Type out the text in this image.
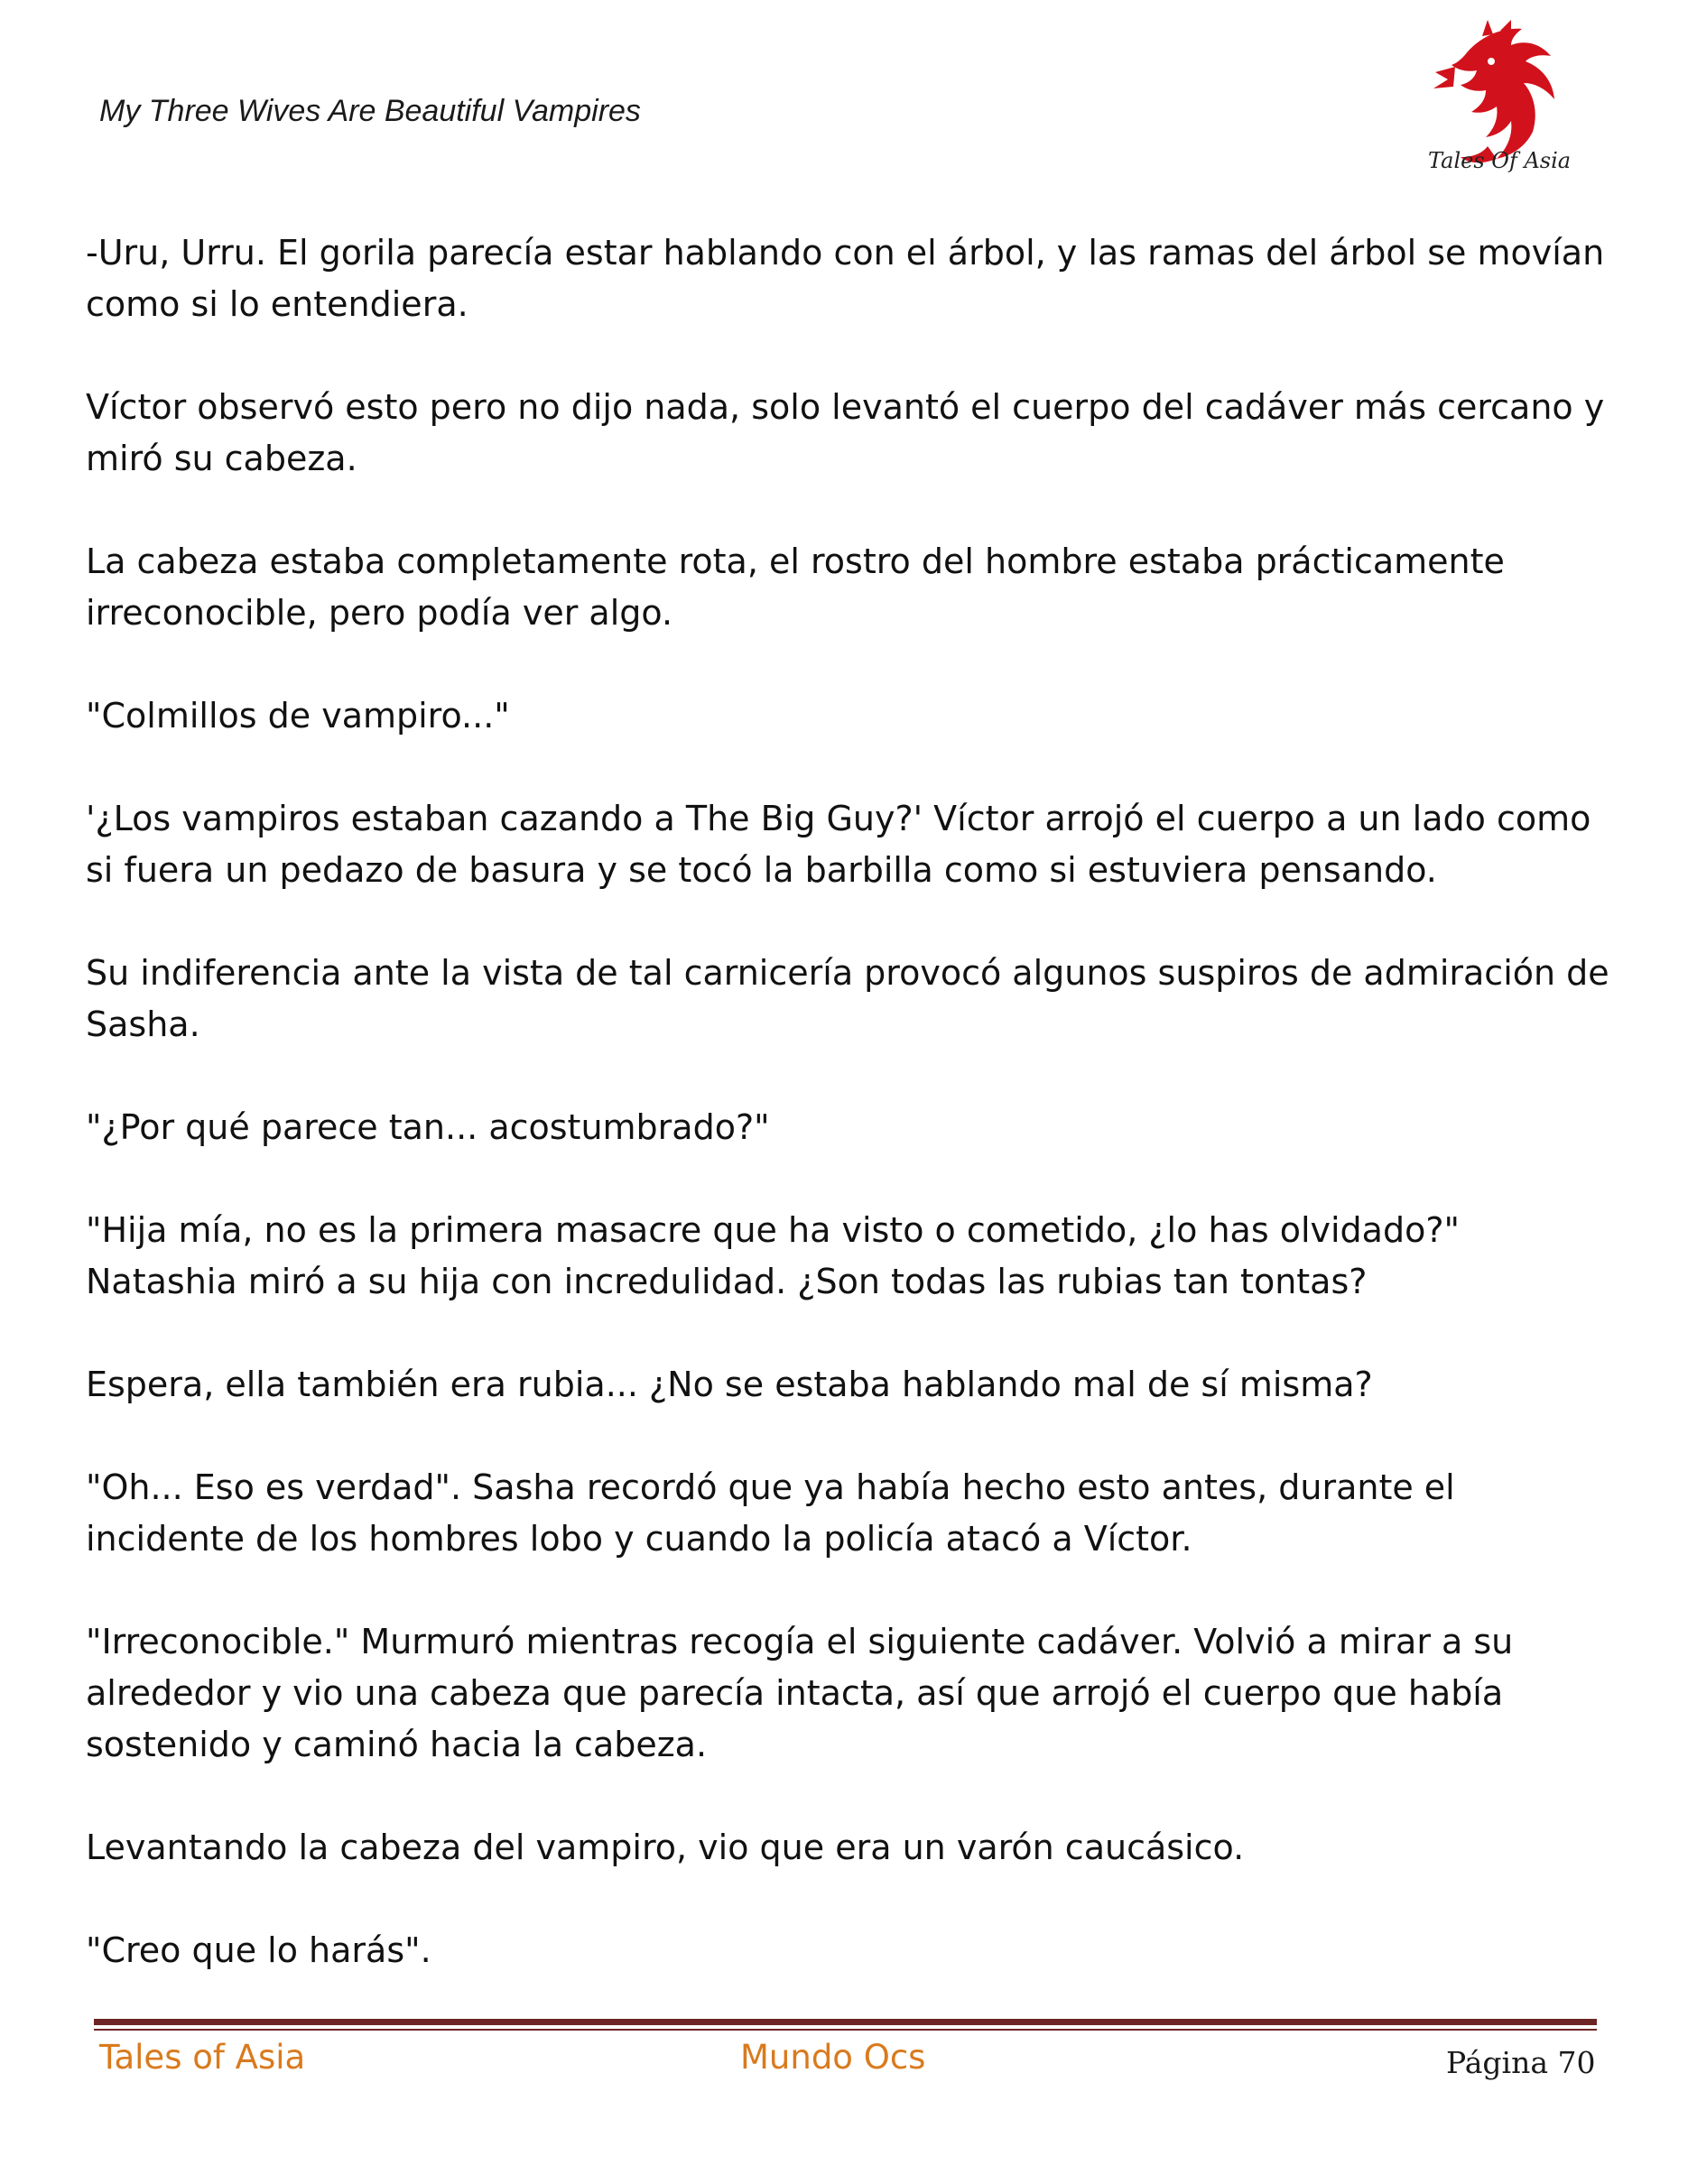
My Three Wives Are Beautiful Vampires
Tales Of Asia

-Uru, Urru. El gorila parecía estar hablando con el árbol, y las ramas del árbol se movían como si lo entendiera.

Víctor observó esto pero no dijo nada, solo levantó el cuerpo del cadáver más cercano y miró su cabeza.

La cabeza estaba completamente rota, el rostro del hombre estaba prácticamente irreconocible, pero podía ver algo.

"Colmillos de vampiro..."

'¿Los vampiros estaban cazando a The Big Guy?' Víctor arrojó el cuerpo a un lado como si fuera un pedazo de basura y se tocó la barbilla como si estuviera pensando.

Su indiferencia ante la vista de tal carnicería provocó algunos suspiros de admiración de Sasha.

"¿Por qué parece tan... acostumbrado?"

"Hija mía, no es la primera masacre que ha visto o cometido, ¿lo has olvidado?" Natashia miró a su hija con incredulidad. ¿Son todas las rubias tan tontas?

Espera, ella también era rubia... ¿No se estaba hablando mal de sí misma?

"Oh... Eso es verdad". Sasha recordó que ya había hecho esto antes, durante el incidente de los hombres lobo y cuando la policía atacó a Víctor.

"Irreconocible." Murmuró mientras recogía el siguiente cadáver. Volvió a mirar a su alrededor y vio una cabeza que parecía intacta, así que arrojó el cuerpo que había sostenido y caminó hacia la cabeza.

Levantando la cabeza del vampiro, vio que era un varón caucásico.

"Creo que lo harás".

Tales of Asia	Mundo Ocs	Página 70
